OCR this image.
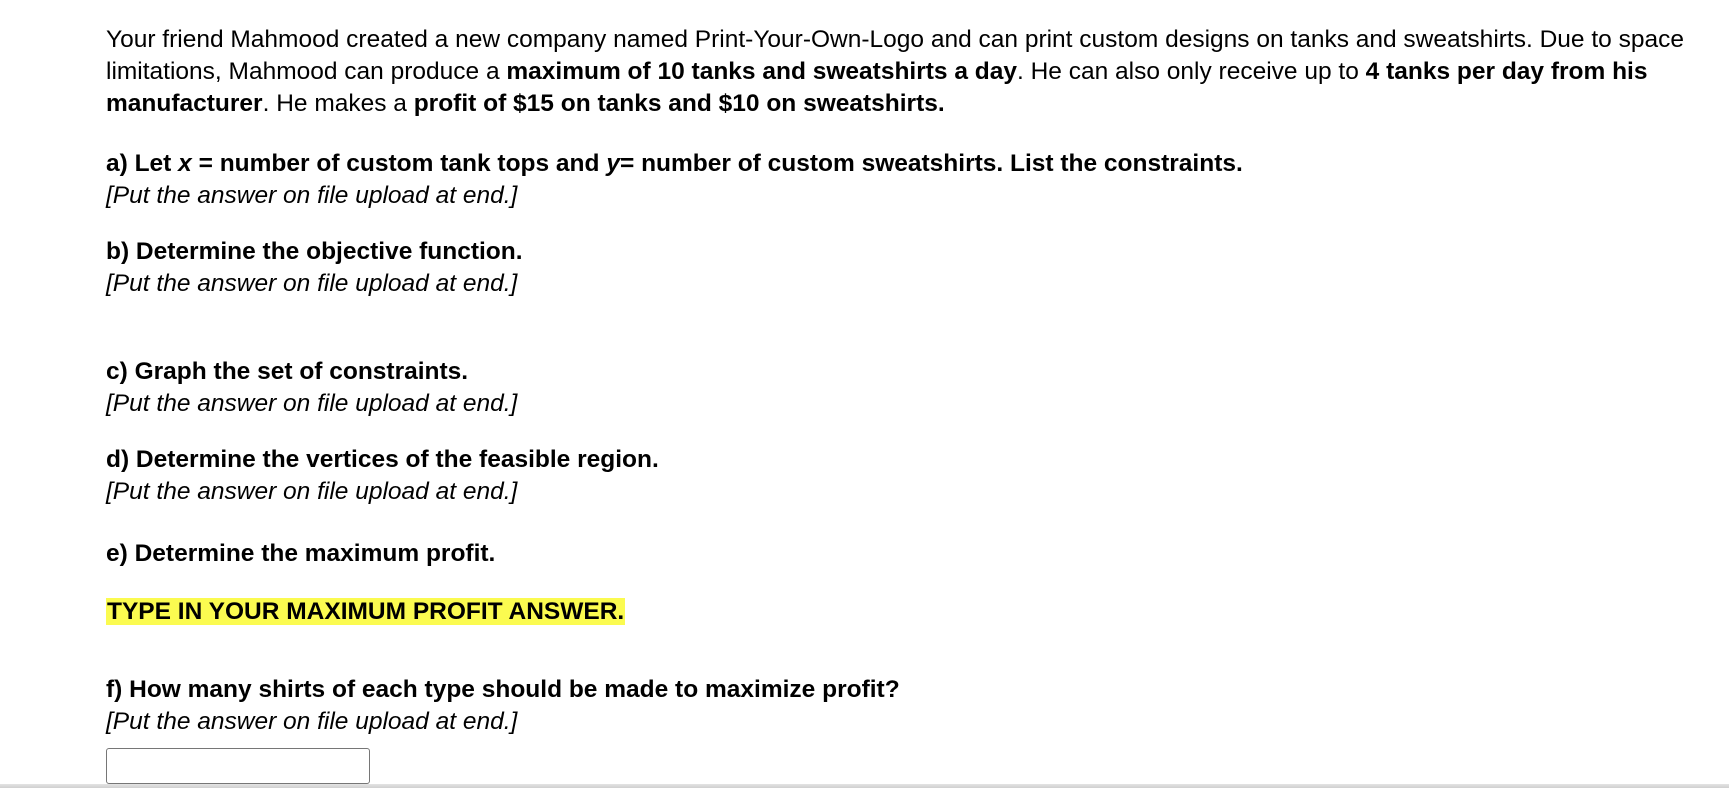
Your friend Mahmood created a new company named Print-Your-Own-Logo and can print custom designs on tanks and sweatshirts. Due to space limitations, Mahmood can produce a maximum of 10 tanks and sweatshirts a day. He can also only receive up to 4 tanks per day from his manufacturer. He makes a profit of $15 on tanks and $10 on sweatshirts.

a) Let x = number of custom tank tops and y= number of custom sweatshirts. List the constraints.
[Put the answer on file upload at end.]
b) Determine the objective function.
[Put the answer on file upload at end.]
c) Graph the set of constraints.
[Put the answer on file upload at end.]
d) Determine the vertices of the feasible region.
[Put the answer on file upload at end.]
e) Determine the maximum profit.
TYPE IN YOUR MAXIMUM PROFIT ANSWER.
f) How many shirts of each type should be made to maximize profit?
[Put the answer on file upload at end.]
